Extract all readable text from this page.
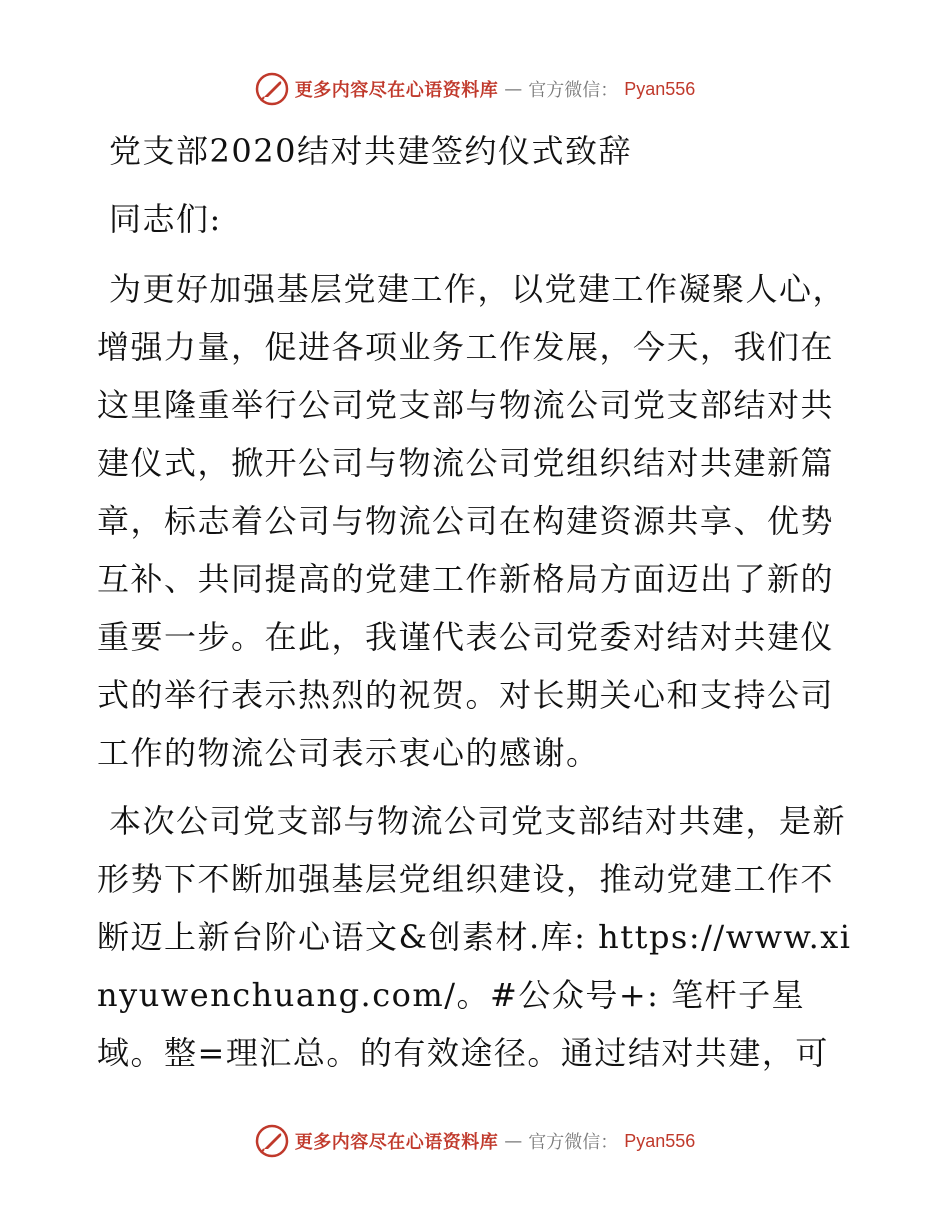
更多内容尽在心语资料库 — 官方微信： Pyan556

党支部2020结对共建签约仪式致辞

同志们:

为更好加强基层党建工作，以党建工作凝聚人心，增强力量，促进各项业务工作发展，今天，我们在这里隆重举行公司党支部与物流公司党支部结对共建仪式，掀开公司与物流公司党组织结对共建新篇章，标志着公司与物流公司在构建资源共享、优势互补、共同提高的党建工作新格局方面迈出了新的重要一步。在此，我谨代表公司党委对结对共建仪式的举行表示热烈的祝贺。对长期关心和支持公司工作的物流公司表示衷心的感谢。

本次公司党支部与物流公司党支部结对共建，是新形势下不断加强基层党组织建设，推动党建工作不断迈上新台阶心语文&创素材.库: https://www.xinyuwenchuang.com/。#公众号+: 笔杆子星域。整=理汇总。的有效途径。通过结对共建，可

更多内容尽在心语资料库 — 官方微信： Pyan556
